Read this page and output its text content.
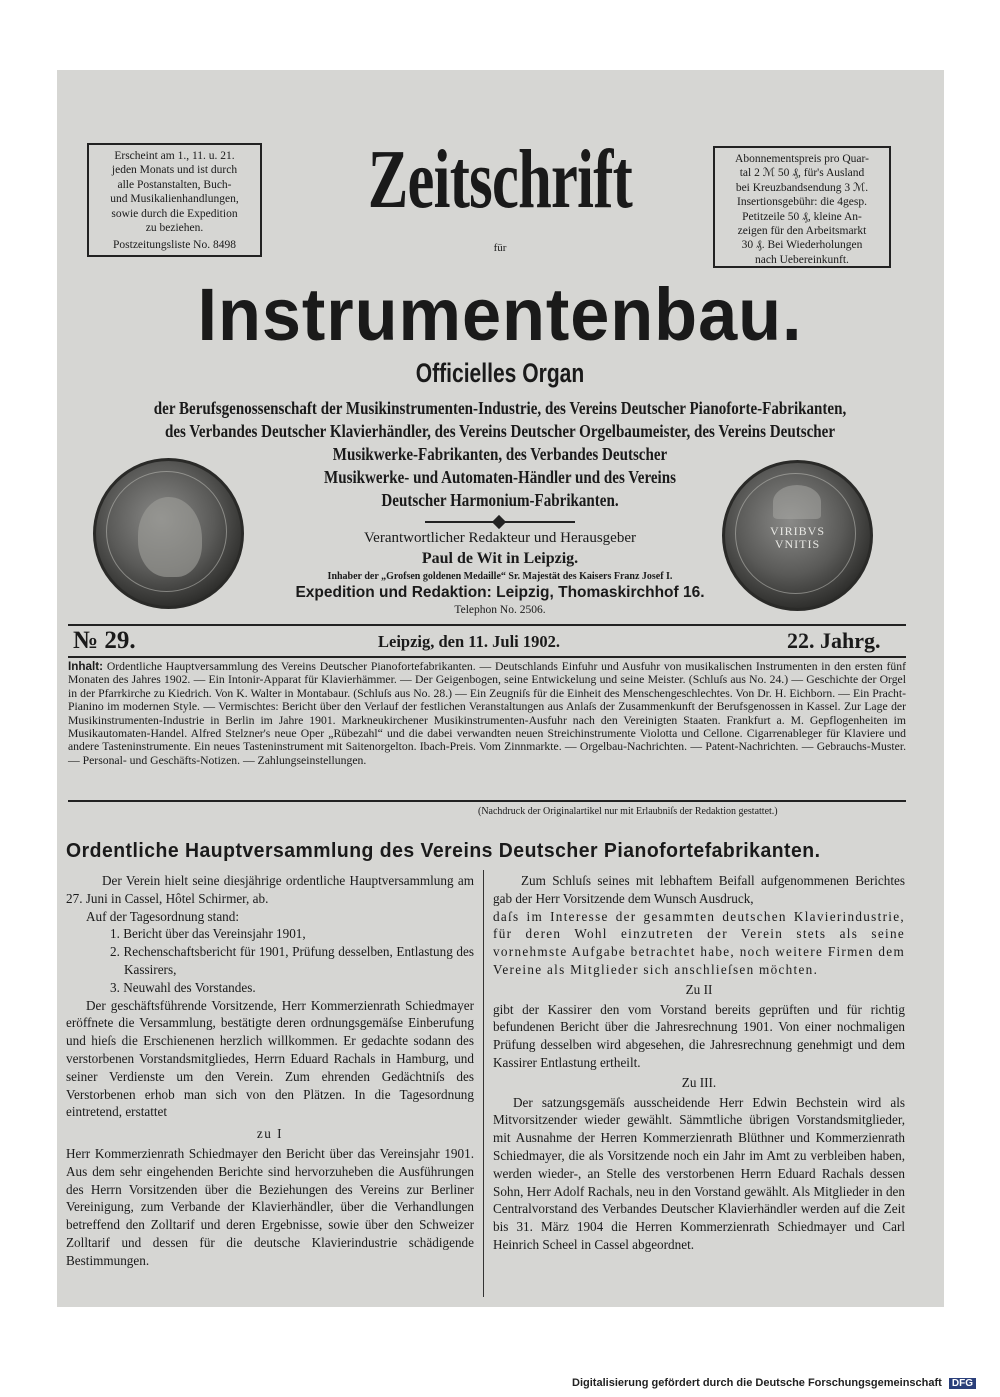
Erscheint am 1., 11. u. 21.
jeden Monats und ist durch
alle Postanstalten, Buch-
und Musikalienhandlungen,
sowie durch die Expedition
zu beziehen.
Postzeitungsliste No. 8498
Abonnementspreis pro Quar-
tal 2 ℳ 50 ₰, für's Ausland
bei Kreuzbandsendung 3 ℳ.
Insertionsgebühr: die 4gesp.
Petitzeile 50 ₰, kleine An-
zeigen für den Arbeitsmarkt
30 ₰. Bei Wiederholungen
nach Uebereinkunft.
Zeitschrift
für
Instrumentenbau.
Officielles Organ
der Berufsgenossenschaft der Musikinstrumenten-Industrie, des Vereins Deutscher Pianoforte-Fabrikanten,
des Verbandes Deutscher Klavierhändler, des Vereins Deutscher Orgelbaumeister, des Vereins Deutscher
Musikwerke-Fabrikanten, des Verbandes Deutscher
Musikwerke- und Automaten-Händler und des Vereins
Deutscher Harmonium-Fabrikanten.
VIRIBVS
VNITIS
Verantwortlicher Redakteur und Herausgeber
Paul de Wit in Leipzig.
Inhaber der „Grofsen goldenen Medaille“ Sr. Majestät des Kaisers Franz Josef I.
Expedition und Redaktion: Leipzig, Thomaskirchhof 16.
Telephon No. 2506.
№ 29.	Leipzig, den 11. Juli 1902.	22. Jahrg.
Inhalt: Ordentliche Hauptversammlung des Vereins Deutscher Pianofortefabrikanten. — Deutschlands Einfuhr und Ausfuhr von musikalischen Instrumenten in den ersten fünf Monaten des Jahres 1902. — Ein Intonir-Apparat für Klavierhämmer. — Der Geigenbogen, seine Entwickelung und seine Meister. (Schluſs aus No. 24.) — Geschichte der Orgel in der Pfarrkirche zu Kiedrich. Von K. Walter in Montabaur. (Schluſs aus No. 28.) — Ein Zeugniſs für die Einheit des Menschengeschlechtes. Von Dr. H. Eichborn. — Ein Pracht-Pianino im modernen Style. — Vermischtes: Bericht über den Verlauf der festlichen Veranstaltungen aus Anlaſs der Zusammenkunft der Berufsgenossen in Kassel. Zur Lage der Musikinstrumenten-Industrie in Berlin im Jahre 1901. Markneukirchener Musikinstrumenten-Ausfuhr nach den Vereinigten Staaten. Frankfurt a. M. Gepflogenheiten im Musikautomaten-Handel. Alfred Stelzner's neue Oper „Rübezahl“ und die dabei verwandten neuen Streichinstrumente Violotta und Cellone. Cigarrenableger für Klaviere und andere Tasteninstrumente. Ein neues Tasteninstrument mit Saitenorgelton. Ibach-Preis. Vom Zinnmarkte. — Orgelbau-Nachrichten. — Patent-Nachrichten. — Gebrauchs-Muster. — Personal- und Geschäfts-Notizen. — Zahlungseinstellungen.
(Nachdruck der Originalartikel nur mit Erlaubniſs der Redaktion gestattet.)
Ordentliche Hauptversammlung des Vereins Deutscher Pianofortefabrikanten.

Der Verein hielt seine diesjährige ordentliche Hauptversammlung am 27. Juni in Cassel, Hôtel Schirmer, ab.

Auf der Tagesordnung stand:

1. Bericht über das Vereinsjahr 1901,

2. Rechenschaftsbericht für 1901, Prüfung desselben, Entlastung des Kassirers,

3. Neuwahl des Vorstandes.

Der geschäftsführende Vorsitzende, Herr Kommerzienrath Schiedmayer eröffnete die Versammlung, bestätigte deren ordnungsgemäſse Einberufung und hieſs die Erschienenen herzlich willkommen. Er gedachte sodann des verstorbenen Vorstandsmitgliedes, Herrn Eduard Rachals in Hamburg, und seiner Verdienste um den Verein. Zum ehrenden Gedächtniſs des Verstorbenen erhob man sich von den Plätzen. In die Tagesordnung eintretend, erstattet

zu I

Herr Kommerzienrath Schiedmayer den Bericht über das Vereinsjahr 1901. Aus dem sehr eingehenden Berichte sind hervorzuheben die Ausführungen des Herrn Vorsitzenden über die Beziehungen des Vereins zur Berliner Vereinigung, zum Verbande der Klavierhändler, über die Verhandlungen betreffend den Zolltarif und deren Ergebnisse, sowie über den Schweizer Zolltarif und dessen für die deutsche Klavierindustrie schädigende Bestimmungen.

Zum Schluſs seines mit lebhaftem Beifall aufgenommenen Berichtes gab der Herr Vorsitzende dem Wunsch Ausdruck,

daſs im Interesse der gesammten deutschen Klavierindustrie, für deren Wohl einzutreten der Verein stets als seine vornehmste Aufgabe betrachtet habe, noch weitere Firmen dem Vereine als Mitglieder sich anschlieſsen möchten.

Zu II

gibt der Kassirer den vom Vorstand bereits geprüften und für richtig befundenen Bericht über die Jahresrechnung 1901. Von einer nochmaligen Prüfung desselben wird abgesehen, die Jahresrechnung genehmigt und dem Kassirer Entlastung ertheilt.

Zu III.

Der satzungsgemäſs ausscheidende Herr Edwin Bechstein wird als Mitvorsitzender wieder gewählt. Sämmtliche übrigen Vorstandsmitglieder, mit Ausnahme der Herren Kommerzienrath Blüthner und Kommerzienrath Schiedmayer, die als Vorsitzende noch ein Jahr im Amt zu verbleiben haben, werden wieder-, an Stelle des verstorbenen Herrn Eduard Rachals dessen Sohn, Herr Adolf Rachals, neu in den Vorstand gewählt. Als Mitglieder in den Centralvorstand des Verbandes Deutscher Klavierhändler werden auf die Zeit bis 31. März 1904 die Herren Kommerzienrath Schiedmayer und Carl Heinrich Scheel in Cassel abgeordnet.

Digitalisierung gefördert durch die Deutsche Forschungsgemeinschaft DFG
